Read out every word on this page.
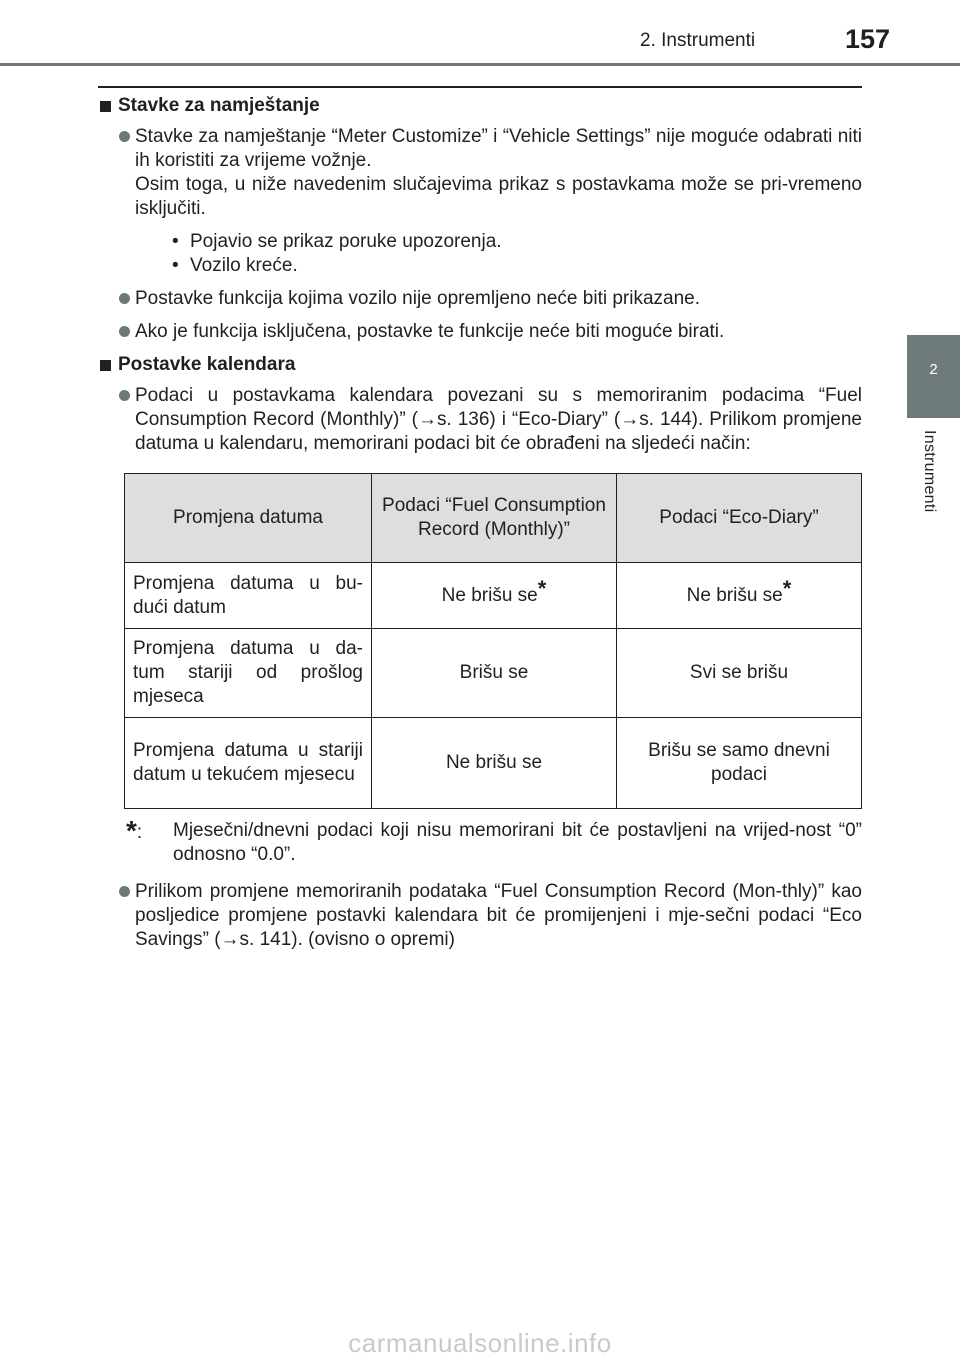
2. Instrumenti	157
2
Instrumenti
Stavke za namještanje
Stavke za namještanje “Meter Customize” i “Vehicle Settings” nije moguće odabrati niti ih koristiti za vrijeme vožnje.
Osim toga, u niže navedenim slučajevima prikaz s postavkama može se pri-vremeno isključiti.
• Pojavio se prikaz poruke upozorenja.
• Vozilo kreće.
Postavke funkcija kojima vozilo nije opremljeno neće biti prikazane.
Ako je funkcija isključena, postavke te funkcije neće biti moguće birati.
Postavke kalendara
Podaci u postavkama kalendara povezani su s memoriranim podacima “Fuel Consumption Record (Monthly)” (→s. 136) i “Eco-Diary” (→s. 144). Prilikom promjene datuma u kalendaru, memorirani podaci bit će obrađeni na sljedeći način:
Promjena datuma	Podaci “Fuel Consumption Record (Monthly)”	Podaci “Eco-Diary”
Promjena datuma u bu-dući datum	Ne brišu se*	Ne brišu se*
Promjena datuma u da-tum stariji od prošlog mjeseca	Brišu se	Svi se brišu
Promjena datuma u stariji datum u tekućem mjesecu	Ne brišu se	Brišu se samo dnevni podaci
*: Mjesečni/dnevni podaci koji nisu memorirani bit će postavljeni na vrijed-nost “0” odnosno “0.0”.
Prilikom promjene memoriranih podataka “Fuel Consumption Record (Mon-thly)” kao posljedice promjene postavki kalendara bit će promijenjeni i mje-sečni podaci “Eco Savings” (→s. 141). (ovisno o opremi)
carmanualsonline.info
